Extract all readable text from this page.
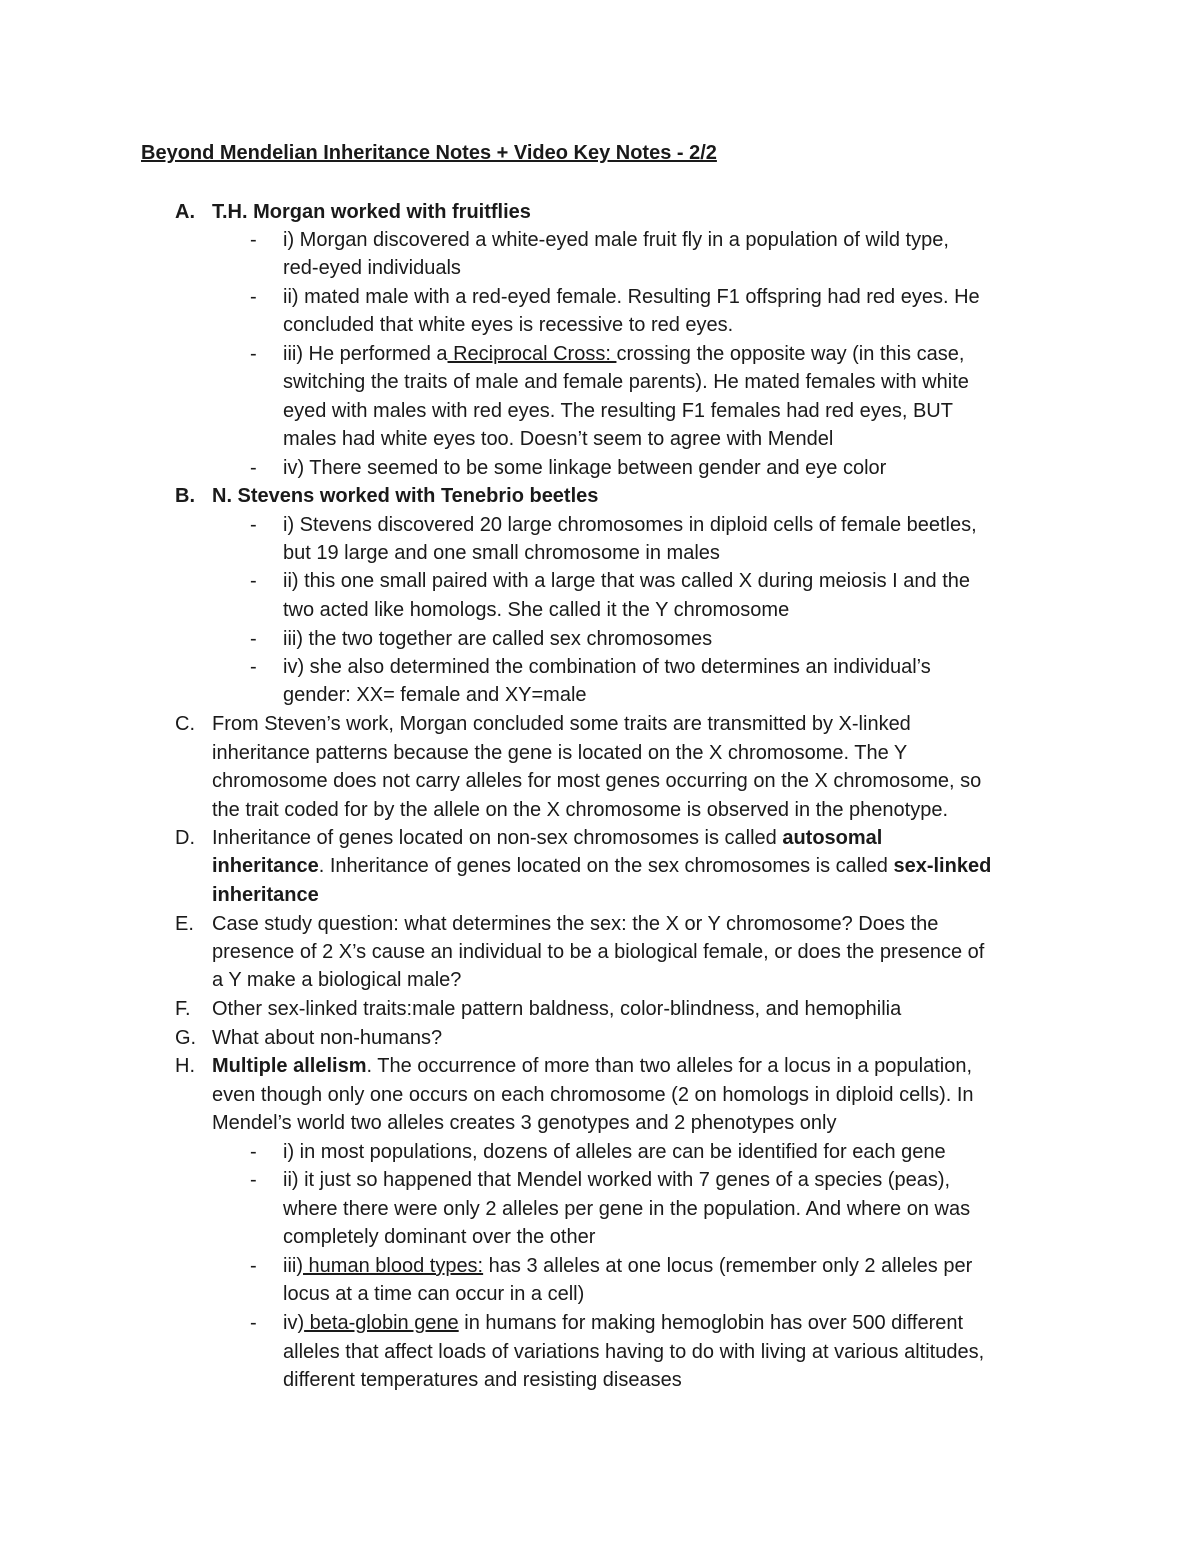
Beyond Mendelian Inheritance Notes + Video Key Notes - 2/2
A. T.H. Morgan worked with fruitflies
- i) Morgan discovered a white-eyed male fruit fly in a population of wild type,
red-eyed individuals
- ii) mated male with a red-eyed female. Resulting F1 offspring had red eyes. He
concluded that white eyes is recessive to red eyes.
- iii) He performed a Reciprocal Cross: crossing the opposite way (in this case,
switching the traits of male and female parents). He mated females with white
eyed with males with red eyes. The resulting F1 females had red eyes, BUT
males had white eyes too. Doesn’t seem to agree with Mendel
- iv) There seemed to be some linkage between gender and eye color
B. N. Stevens worked with Tenebrio beetles
- i) Stevens discovered 20 large chromosomes in diploid cells of female beetles,
but 19 large and one small chromosome in males
- ii) this one small paired with a large that was called X during meiosis I and the
two acted like homologs. She called it the Y chromosome
- iii) the two together are called sex chromosomes
- iv) she also determined the combination of two determines an individual’s
gender: XX= female and XY=male
C. From Steven’s work, Morgan concluded some traits are transmitted by X-linked
inheritance patterns because the gene is located on the X chromosome. The Y
chromosome does not carry alleles for most genes occurring on the X chromosome, so
the trait coded for by the allele on the X chromosome is observed in the phenotype.
D. Inheritance of genes located on non-sex chromosomes is called autosomal
inheritance. Inheritance of genes located on the sex chromosomes is called sex-linked
inheritance
E. Case study question: what determines the sex: the X or Y chromosome? Does the
presence of 2 X’s cause an individual to be a biological female, or does the presence of
a Y make a biological male?
F. Other sex-linked traits:male pattern baldness, color-blindness, and hemophilia
G. What about non-humans?
H. Multiple allelism. The occurrence of more than two alleles for a locus in a population,
even though only one occurs on each chromosome (2 on homologs in diploid cells). In
Mendel’s world two alleles creates 3 genotypes and 2 phenotypes only
- i) in most populations, dozens of alleles are can be identified for each gene
- ii) it just so happened that Mendel worked with 7 genes of a species (peas),
where there were only 2 alleles per gene in the population. And where on was
completely dominant over the other
- iii) human blood types: has 3 alleles at one locus (remember only 2 alleles per
locus at a time can occur in a cell)
- iv) beta-globin gene in humans for making hemoglobin has over 500 different
alleles that affect loads of variations having to do with living at various altitudes,
different temperatures and resisting diseases
